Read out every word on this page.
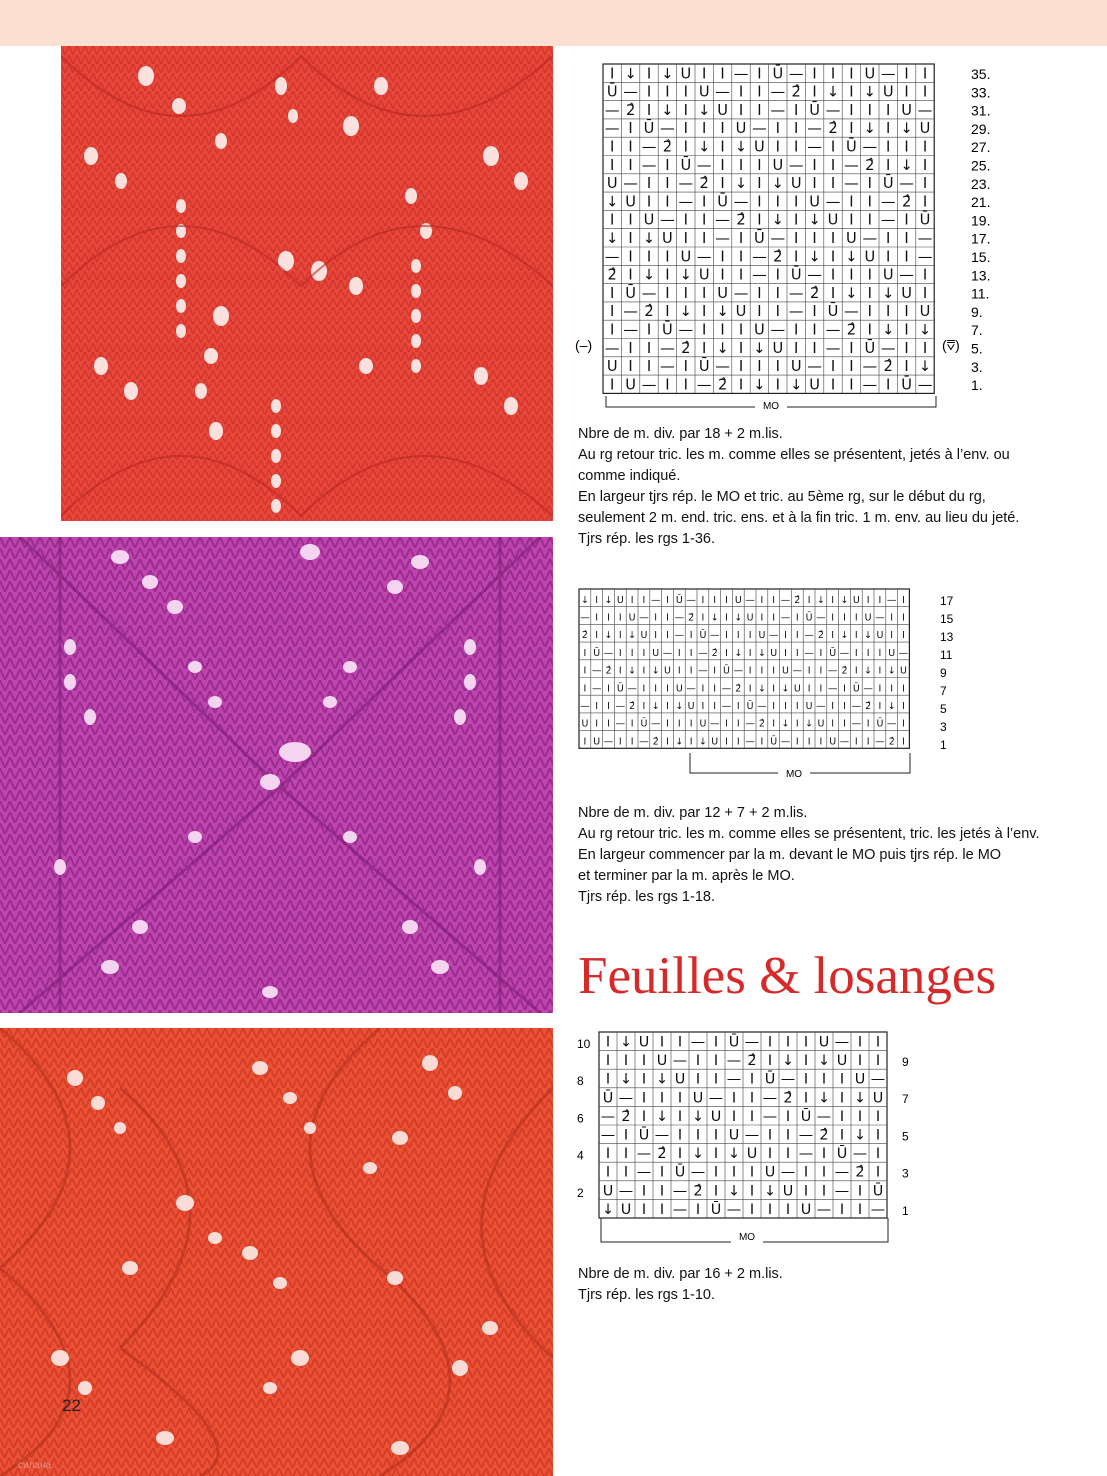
I ↓ I ↓ U I I — I Ū — I I I U — I I
Ū — I I I U — I I — 2̂ I ↓ I ↓ U I I
— 2̂ I ↓ I ↓ U I I — I Ū — I I I U —
— I Ū — I I I U — I I — 2̂ I ↓ I ↓ U
I I — 2̂ I ↓ I ↓ U I I — I Ū — I I I
I I — I Ū — I I I U — I I — 2̂ I ↓ I
U — I I — 2̂ I ↓ I ↓ U I I — I Ū — I
↓ U I I — I Ū — I I I U — I I — 2̂ I
I I U — I I — 2̂ I ↓ I ↓ U I I — I Ū
↓ I ↓ U I I — I Ū — I I I U — I I —
— I I I U — I I — 2̂ I ↓ I ↓ U I I —
2̂ I ↓ I ↓ U I I — I Ū — I I I U — I
I Ū — I I I U — I I — 2̂ I ↓ I ↓ U I
I — 2̂ I ↓ I ↓ U I I — I Ū — I I I U
I — I Ū — I I I U — I I — 2̂ I ↓ I ↓
— I I — 2̂ I ↓ I ↓ U I I — I Ū — I I
U I I — I Ū — I I I U — I I — 2̂ I ↓
I U — I I — 2̂ I ↓ I ↓ U I I — I Ū —
(–)	(⩢)
35.
33.
31.
29.
27.
25.
23.
21.
19.
17.
15.
13.
11.
9.
7.
5.
3.
1.
MO

Nbre de m. div. par 18 + 2 m.lis.

Au rg retour tric. les m. comme elles se présentent, jetés à l’env. ou

comme indiqué.

En largeur tjrs rép. le MO et tric. au 5ème rg, sur le début du rg,

seulement 2 m. end. tric. ens. et à la fin tric. 1 m. env. au lieu du jeté.

Tjrs rép. les rgs 1-36.

↓ I ↓ U I I — I Ū — I I I U — I I — 2̂ I ↓ I ↓ U I I — I
— I I I U — I I — 2̂ I ↓ I ↓ U I I — I Ū — I I I U — I I
2̂ I ↓ I ↓ U I I — I Ū — I I I U — I I — 2̂ I ↓ I ↓ U I I
I Ū — I I I U — I I — 2̂ I ↓ I ↓ U I I — I Ū — I I I U —
I — 2̂ I ↓ I ↓ U I I — I Ū — I I I U — I I — 2̂ I ↓ I ↓ U
I — I Ū — I I I U — I I — 2̂ I ↓ I ↓ U I I — I Ū — I I I
— I I — 2̂ I ↓ I ↓ U I I — I Ū — I I I U — I I — 2̂ I ↓ I
U I I — I Ū — I I I U — I I — 2̂ I ↓ I ↓ U I I — I Ū — I
I U — I I — 2̂ I ↓ I ↓ U I I — I Ū — I I I U — I I — 2̂ I
17
15
13
11
9
7
5
3
1
MO

Nbre de m. div. par 12 + 7 + 2 m.lis.

Au rg retour tric. les m. comme elles se présentent, tric. les jetés à l’env.

En largeur commencer par la m. devant le MO puis tjrs rép. le MO

et terminer par la m. après le MO.

Tjrs rép. les rgs 1-18.

Feuilles & losanges
I ↓ U I I — I Ū — I I I U — I I
I I I U — I I — 2̂ I ↓ I ↓ U I I
I ↓ I ↓ U I I — I Ū — I I I U —
Ū — I I I U — I I — 2̂ I ↓ I ↓ U
— 2̂ I ↓ I ↓ U I I — I Ū — I I I
— I Ū — I I I U — I I — 2̂ I ↓ I
I I — 2̂ I ↓ I ↓ U I I — I Ū — I
I I — I Ū — I I I U — I I — 2̂ I
U — I I — 2̂ I ↓ I ↓ U I I — I Ū
↓ U I I — I Ū — I I I U — I I —
10
8
6
4
2
9
7
5
3
1
MO

Nbre de m. div. par 16 + 2 m.lis.

Tjrs rép. les rgs 1-10.

22
силана
